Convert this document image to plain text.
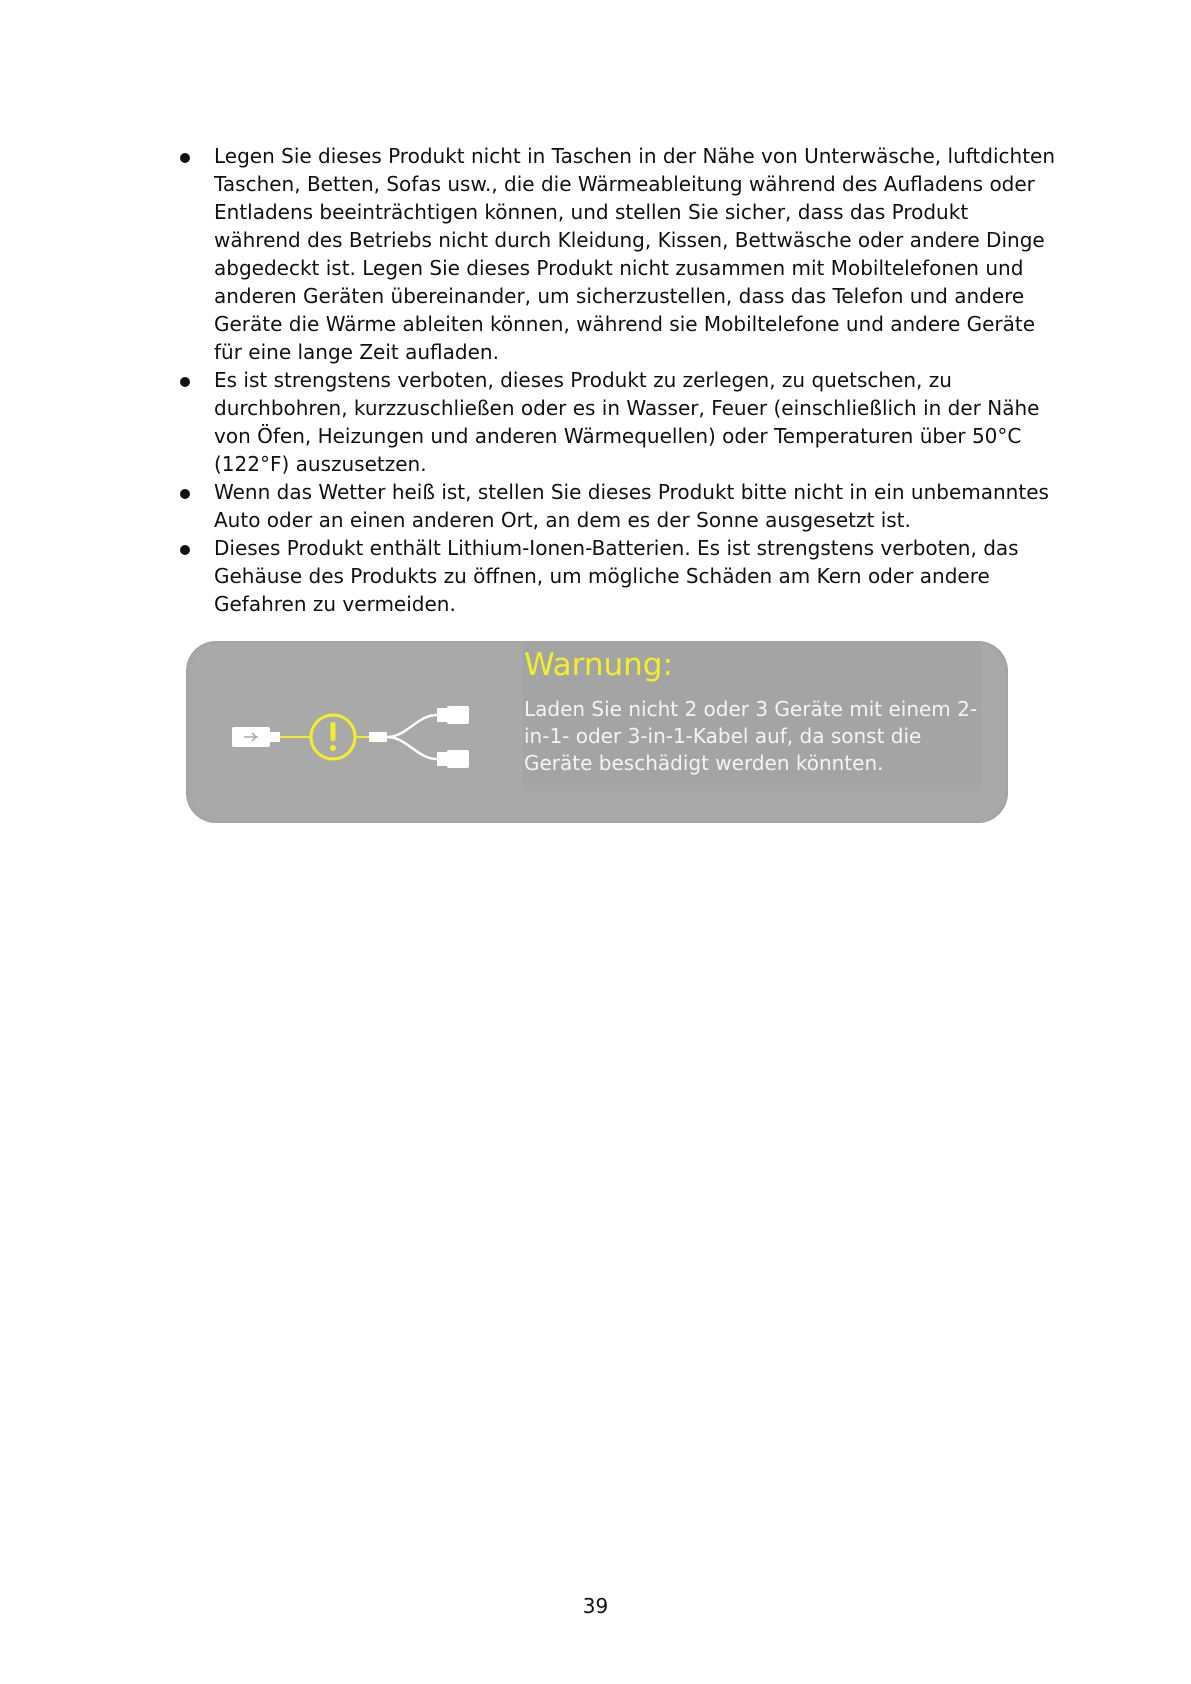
Legen Sie dieses Produkt nicht in Taschen in der Nähe von Unterwäsche, luftdichten Taschen, Betten, Sofas usw., die die Wärmeableitung während des Aufladens oder Entladens beeinträchtigen können, und stellen Sie sicher, dass das Produkt während des Betriebs nicht durch Kleidung, Kissen, Bettwäsche oder andere Dinge abgedeckt ist. Legen Sie dieses Produkt nicht zusammen mit Mobiltelefonen und anderen Geräten übereinander, um sicherzustellen, dass das Telefon und andere Geräte die Wärme ableiten können, während sie Mobiltelefone und andere Geräte für eine lange Zeit aufladen.
Es ist strengstens verboten, dieses Produkt zu zerlegen, zu quetschen, zu durchbohren, kurzzuschließen oder es in Wasser, Feuer (einschließlich in der Nähe von Öfen, Heizungen und anderen Wärmequellen) oder Temperaturen über 50°C (122°F) auszusetzen.
Wenn das Wetter heiß ist, stellen Sie dieses Produkt bitte nicht in ein unbemanntes Auto oder an einen anderen Ort, an dem es der Sonne ausgesetzt ist.
Dieses Produkt enthält Lithium-Ionen-Batterien. Es ist strengstens verboten, das Gehäuse des Produkts zu öffnen, um mögliche Schäden am Kern oder andere Gefahren zu vermeiden.
Warnung:

Laden Sie nicht 2 oder 3 Geräte mit einem 2-in-1- oder 3-in-1-Kabel auf, da sonst die Geräte beschädigt werden könnten.

39
